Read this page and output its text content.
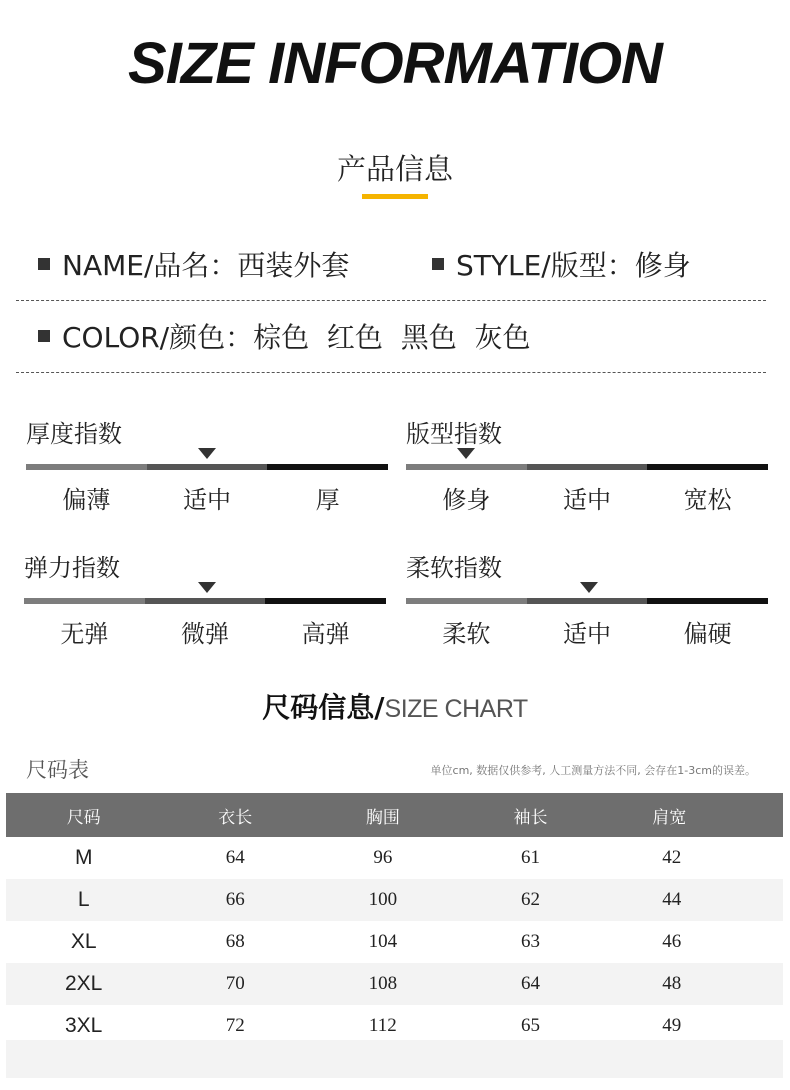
SIZE INFORMATION
产品信息
NAME/品名：西装外套	STYLE/版型：修身
COLOR/颜色：棕色  红色  黑色  灰色
厚度指数
偏薄	适中	厚
版型指数
修身	适中	宽松
弹力指数
无弹	微弹	高弹
柔软指数
柔软	适中	偏硬
尺码信息/SIZE CHART
尺码表	单位cm, 数据仅供参考, 人工测量方法不同, 会存在1-3cm的误差。
尺码	衣长	胸围	袖长	肩宽
M	64	96	61	42
L	66	100	62	44
XL	68	104	63	46
2XL	70	108	64	48
3XL	72	112	65	49
